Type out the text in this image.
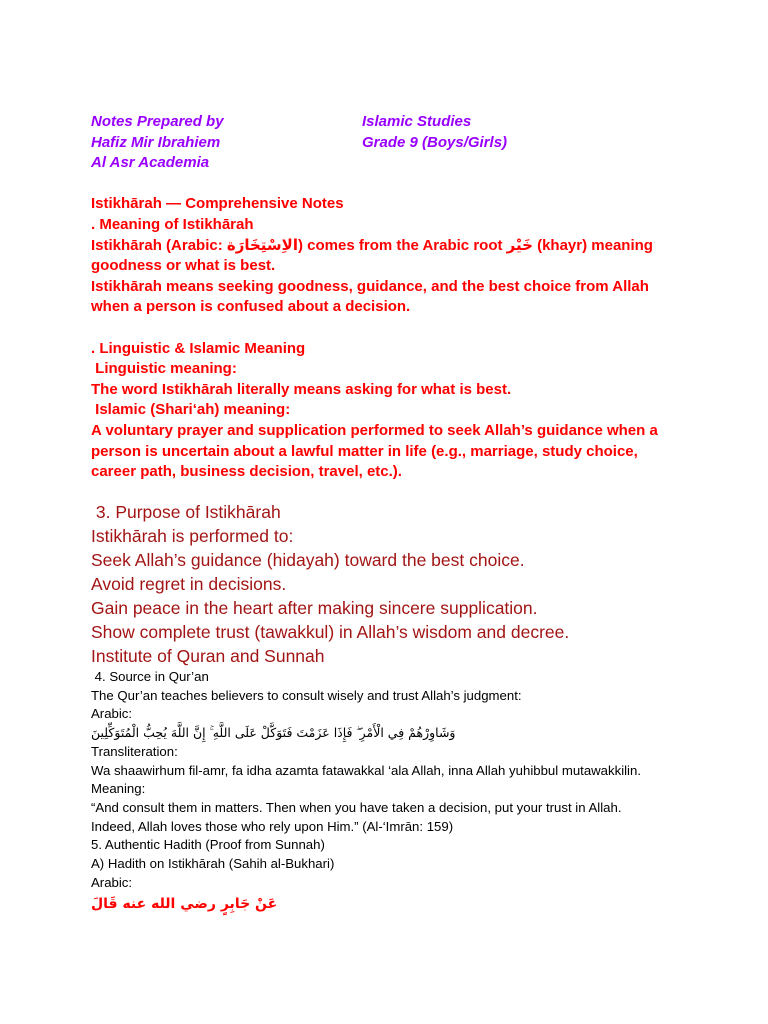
Notes Prepared by

	Islamic Studies

Hafiz Mir Ibrahiem

	Grade 9 (Boys/Girls)

Al Asr Academia

Istikhārah — Comprehensive Notes
. Meaning of Istikhārah
Istikhārah (Arabic: الاِسْتِخَارَة) comes from the Arabic root خَيْر (khayr) meaning
goodness or what is best.
Istikhārah means seeking goodness, guidance, and the best choice from Allah
when a person is confused about a decision.
. Linguistic & Islamic Meaning
Linguistic meaning:
The word Istikhārah literally means asking for what is best.
Islamic (Shari‘ah) meaning:
A voluntary prayer and supplication performed to seek Allah’s guidance when a
person is uncertain about a lawful matter in life (e.g., marriage, study choice,
career path, business decision, travel, etc.).
3. Purpose of Istikhārah
Istikhārah is performed to:
Seek Allah’s guidance (hidayah) toward the best choice.
Avoid regret in decisions.
Gain peace in the heart after making sincere supplication.
Show complete trust (tawakkul) in Allah’s wisdom and decree.
Institute of Quran and Sunnah
4. Source in Qur’an
The Qur’an teaches believers to consult wisely and trust Allah’s judgment:
Arabic:
وَشَاوِرْهُمْ فِي الْأَمْرِ ۖ فَإِذَا عَزَمْتَ فَتَوَكَّلْ عَلَى اللَّهِ ۚ إِنَّ اللَّهَ يُحِبُّ الْمُتَوَكِّلِينَ
Transliteration:
Wa shaawirhum fil-amr, fa idha azamta fatawakkal ‘ala Allah, inna Allah yuhibbul mutawakkilin.
Meaning:
“And consult them in matters. Then when you have taken a decision, put your trust in Allah.
Indeed, Allah loves those who rely upon Him.” (Al-‘Imrān: 159)
5. Authentic Hadith (Proof from Sunnah)
A) Hadith on Istikhārah (Sahih al-Bukhari)
Arabic:
عَنْ جَابِرٍ رضي الله عنه قَالَ
